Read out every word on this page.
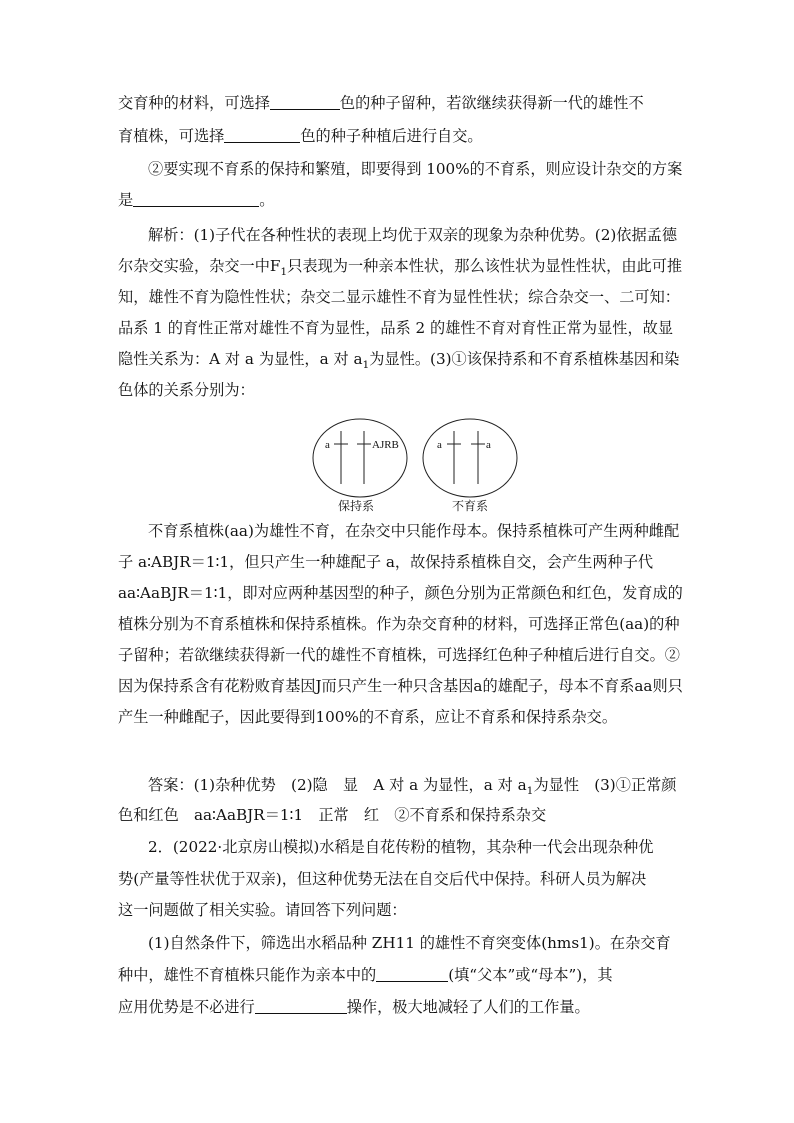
交育种的材料，可选择	色的种子留种，若欲继续获得新一代的雄性不

育植株，可选择	色的种子种植后进行自交。

②要实现不育系的保持和繁殖，即要得到 100%的不育系，则应设计杂交的方案是	。

解析：(1)子代在各种性状的表现上均优于双亲的现象为杂种优势。(2)依据孟德尔杂交实验，杂交一中$F_1$只表现为一种亲本性状，那么该性状为显性性状，由此可推知，雄性不育为隐性性状；杂交二显示雄性不育为显性性状；综合杂交一、二可知：品系 1 的育性正常对雄性不育为显性，品系 2 的雄性不育对育性正常为显性，故显隐性关系为：A 对 a 为显性，a 对 $a_1$为显性。(3)①该保持系和不育系植株基因和染色体的关系分别为：

a	AJRB
保持系
a	a
不育系

不育系植株(aa)为雄性不育，在杂交中只能作母本。保持系植株可产生两种雌配子 a∶ABJR＝1∶1，但只产生一种雄配子 a，故保持系植株自交，会产生两种子代 aa∶AaBJR＝1∶1，即对应两种基因型的种子，颜色分别为正常颜色和红色，发育成的植株分别为不育系植株和保持系植株。作为杂交育种的材料，可选择正常色(aa)的种子留种；若欲继续获得新一代的雄性不育植株，可选择红色种子种植后进行自交。②因为保持系含有花粉败育基因J而只产生一种只含基因a的雄配子，母本不育系aa则只产生一种雌配子，因此要得到100%的不育系，应让不育系和保持系杂交。

答案：(1)杂种优势　(2)隐　显　A 对 a 为显性，a 对 $a_1$为显性　(3)①正常颜

色和红色　aa∶AaBJR＝1∶1　正常　红　②不育系和保持系杂交

2．(2022·北京房山模拟)水稻是自花传粉的植物，其杂种一代会出现杂种优

势(产量等性状优于双亲)，但这种优势无法在自交后代中保持。科研人员为解决

这一问题做了相关实验。请回答下列问题：

(1)自然条件下，筛选出水稻品种 ZH11 的雄性不育突变体(hms1)。在杂交育

种中，雄性不育植株只能作为亲本中的	(填“父本”或“母本”)，其

应用优势是不必进行	操作，极大地减轻了人们的工作量。
